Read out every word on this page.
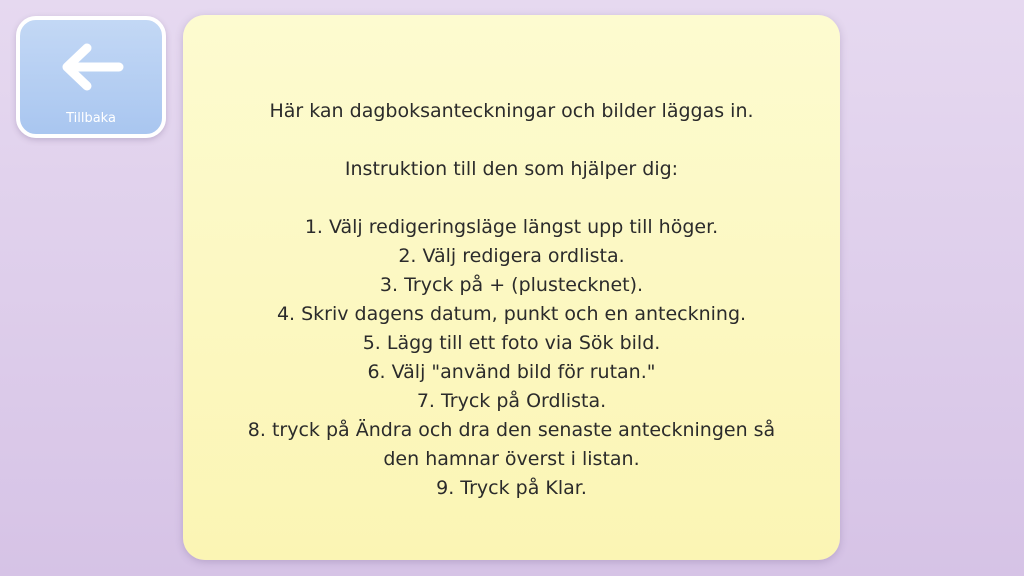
Tillbaka	Här kan dagboksanteckningar och bilder läggas in.
Instruktion till den som hjälper dig:
1. Välj redigeringsläge längst upp till höger.
2. Välj redigera ordlista.
3. Tryck på + (plustecknet).
4. Skriv dagens datum, punkt och en anteckning.
5. Lägg till ett foto via Sök bild.
6. Välj "använd bild för rutan."
7. Tryck på Ordlista.
8. tryck på Ändra och dra den senaste anteckningen så
den hamnar överst i listan.
9. Tryck på Klar.
